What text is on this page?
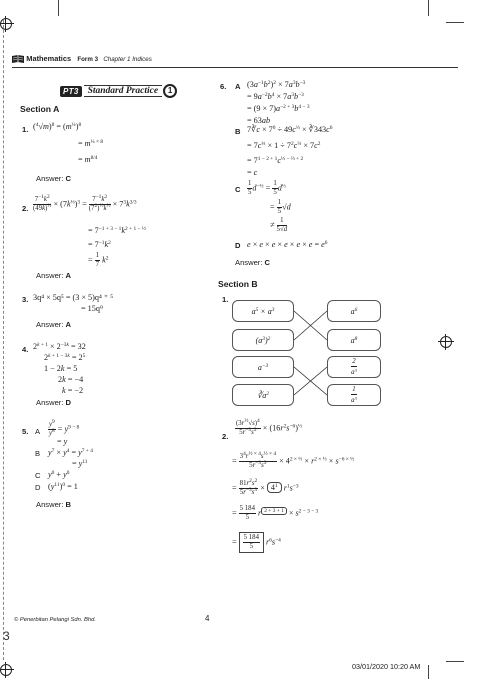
Mathematics Form 3 Chapter 1 Indices
PT3 Standard Practice	1
Section A
1. $(^4√m)^8 = (m^{\frac{1}{4}})^8$
= $m^{\frac{1}{4} \times 8}$
= $m^{8/4}$
Answer: C
2. $\frac{7^{-1}k^2}{(49k)^{\frac{1}{2}}} \times (7k^{\frac{1}{3}})^3 = \frac{7^{-1}k^2}{(7^2)^{\frac{1}{2}}k^{\frac{1}{2}}} \times 7^3k^{3/3}$
= $7^{-1 + 3 - 1}k^{2 + 1 - \frac{1}{2}}$
= $7^{-1}k^2$
= $\frac{1}{7} k^2$
Answer: A
3. 3q⁴ × 5q⁵ = (3 × 5)q⁴ ⁺ ⁵
= 15q⁹
Answer: A
4. $2^{k + 1} \times 2^{-3k} = 32$
$2^{k + 1 - 3k} = 2^5$
1 − 2k = 5
2k = −4
k = −2
Answer: D
5. A $\frac{y^9}{y^8} = y^{9 - 8}$
= y
B $y^7 \times y^4 = y^{7 + 4}$
= $y^{11}$
C $y^0 + y^0$
D $(y^{11})^0 = 1$
Answer: B
6. A $(3a^{-1}b^2)^2 \times 7a^3b^{-3}$
= $9a^{-2}b^4 \times 7a^3b^{-3}$
= $(9 \times 7)a^{-2 + 3}b^{4 - 3}$
= 63ab
B 7∛c × $7^0 \div 49c^{\frac{2}{3}}$ × $∛343c^6$
= $7c^{\frac{1}{3}} \times 1 \div 7^2c^{\frac{2}{3}} \times 7c^2$
= $7^{1 - 2 + 1}c^{\frac{1}{3} - \frac{2}{3} + 2}$
= c
C $\frac{1}{5} d^{-\frac{1}{2}} = \frac{1}{5} d^{\frac{1}{2}}$
= $\frac{1}{5} √d$
≠ $\frac{1}{5√d}$
D $e \times e \times e \times e \times e \times e = e^6$
Answer: C
Section B
1.
$a^5 \times a^3$
$(a^3)^2$
$a^{-3}$
$∛a^2$
$a^6$
$a^8$
$\frac{2}{a^3}$
$\frac{1}{a^3}$
2. $\frac{(3r^{\frac{1}{2}}√s)^4}{5r^{-3}s^3} \times (16r^2s^{-6})^{\frac{1}{2}}$
= $\frac{3^4r^{\frac{1}{2} \times 4}s^{\frac{1}{2} \times 4}}{5r^{-3}s^3} \times 4^{2 \times \frac{1}{2}} \times r^{2 \times \frac{1}{2}} \times s^{-6 \times \frac{1}{2}}$
= $\frac{81r^2s^2}{5r^{-3}s^3} \times 4^1$ $r^1s^{-3}$
= $\frac{5 184}{5}$ r $^{2 + 3 + 1} \times s^{2 - 3 - 3}$
= $\frac{5 184}{5} r^6s^{-4}$
© Penerbitan Pelangi Sdn. Bhd.	4
3
03/01/2020 10:20 AM
